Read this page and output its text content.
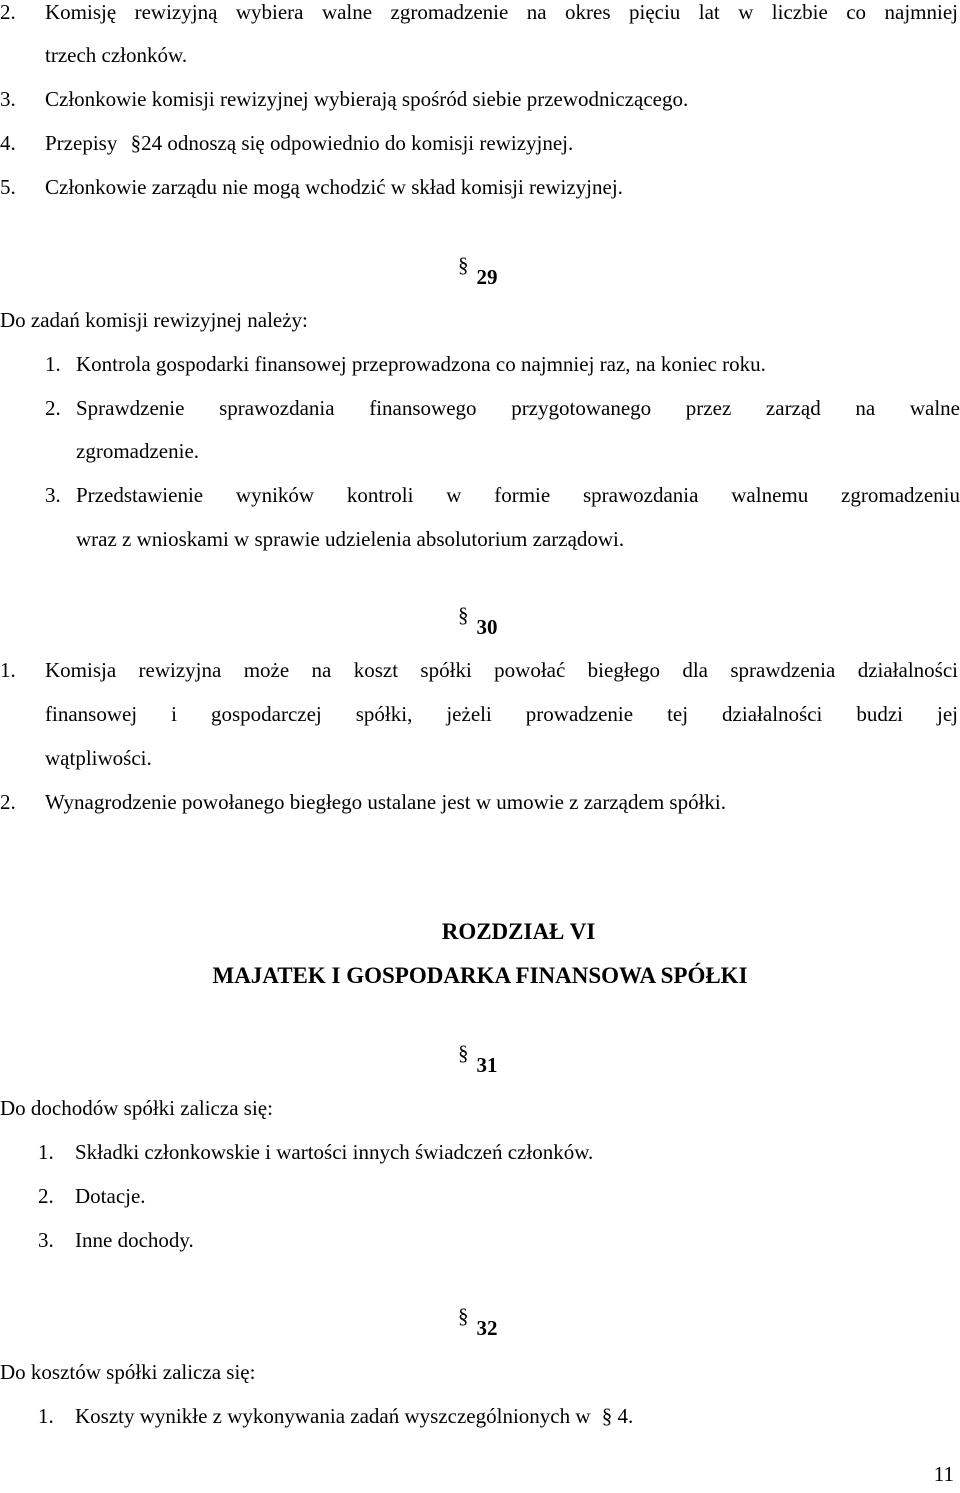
2. Komisję rewizyjną wybiera walne zgromadzenie na okres pięciu lat w liczbie co najmniej
trzech członków.
3. Członkowie komisji rewizyjnej wybierają spośród siebie przewodniczącego.
4. Przepisy §24 odnoszą się odpowiednio do komisji rewizyjnej.
5. Członkowie zarządu nie mogą wchodzić w skład komisji rewizyjnej.
§ 29
Do zadań komisji rewizyjnej należy:
1. Kontrola gospodarki finansowej przeprowadzona co najmniej raz, na koniec roku.
2. Sprawdzenie sprawozdania finansowego przygotowanego przez zarząd na walne
zgromadzenie.
3. Przedstawienie wyników kontroli w formie sprawozdania walnemu zgromadzeniu
wraz z wnioskami w sprawie udzielenia absolutorium zarządowi.
§ 30
1. Komisja rewizyjna może na koszt spółki powołać biegłego dla sprawdzenia działalności
finansowej i gospodarczej spółki, jeżeli prowadzenie tej działalności budzi jej
wątpliwości.
2. Wynagrodzenie powołanego biegłego ustalane jest w umowie z zarządem spółki.
ROZDZIAŁ VI
MAJATEK I GOSPODARKA FINANSOWA SPÓŁKI
§ 31
Do dochodów spółki zalicza się:
1. Składki członkowskie i wartości innych świadczeń członków.
2. Dotacje.
3. Inne dochody.
§ 32
Do kosztów spółki zalicza się:
1. Koszty wynikłe z wykonywania zadań wyszczególnionych w § 4.
11
